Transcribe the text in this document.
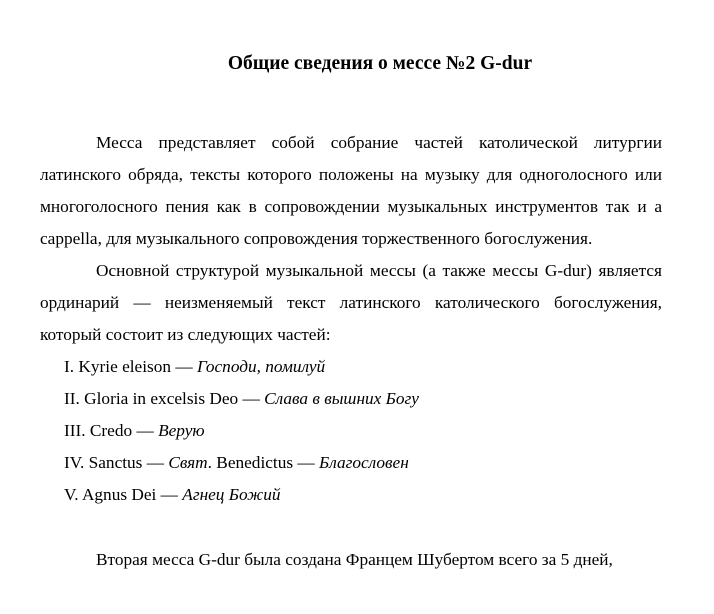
Общие сведения о мессе №2 G-dur

Месса представляет собой собрание частей католической литургии латинского обряда, тексты которого положены на музыку для одноголосного или многоголосного пения как в сопровождении музыкальных инструментов так и a cappella, для музыкального сопровождения торжественного богослужения.

Основной структурой музыкальной мессы (а также мессы G-dur) является ординарий — неизменяемый текст латинского католического богослужения, который состоит из следующих частей:

I. Kyrie eleison — Господи, помилуй
II. Gloria in excelsis Deo — Слава в вышних Богу
III. Credo — Верую
IV. Sanctus — Свят. Benedictus — Благословен
V. Agnus Dei — Агнец Божий

Вторая месса G-dur была создана Францем Шубертом всего за 5 дней,
